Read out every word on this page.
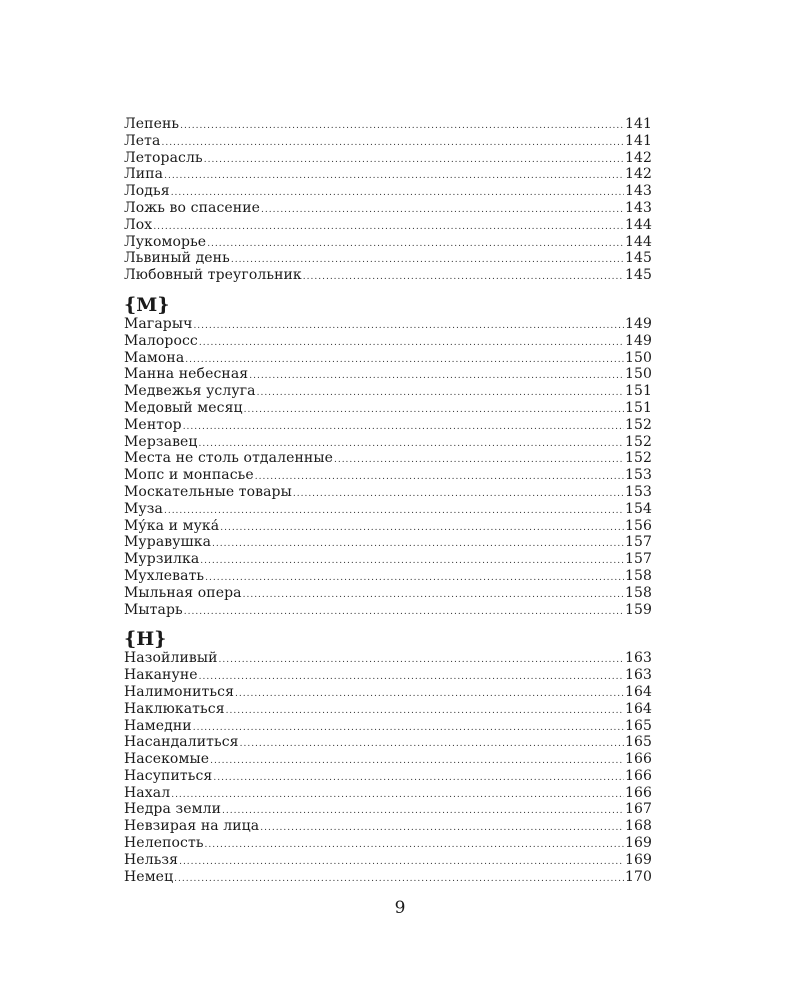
Лепень .....	141
Лета .....	141
Леторасль .....	142
Липа .....	142
Лодья .....	143
Ложь во спасение .....	143
Лох .....	144
Лукоморье .....	144
Львиный день .....	145
Любовный треугольник .....	145
{М}
Магарыч .....	149
Малоросс .....	149
Мамона .....	150
Манна небесная .....	150
Медвежья услуга .....	151
Медовый месяц .....	151
Ментор .....	152
Мерзавец .....	152
Места не столь отдаленные .....	152
Мопс и монпасье .....	153
Москательные товары .....	153
Муза .....	154
Му́ка и мука́ .....	156
Муравушка .....	157
Мурзилка .....	157
Мухлевать .....	158
Мыльная опера .....	158
Мытарь .....	159
{Н}
Назойливый .....	163
Накануне .....	163
Налимониться .....	164
Наклюкаться .....	164
Намедни .....	165
Насандалиться .....	165
Насекомые .....	166
Насупиться .....	166
Нахал .....	166
Недра земли .....	167
Невзирая на лица .....	168
Нелепость .....	169
Нельзя .....	169
Немец .....	170
9
